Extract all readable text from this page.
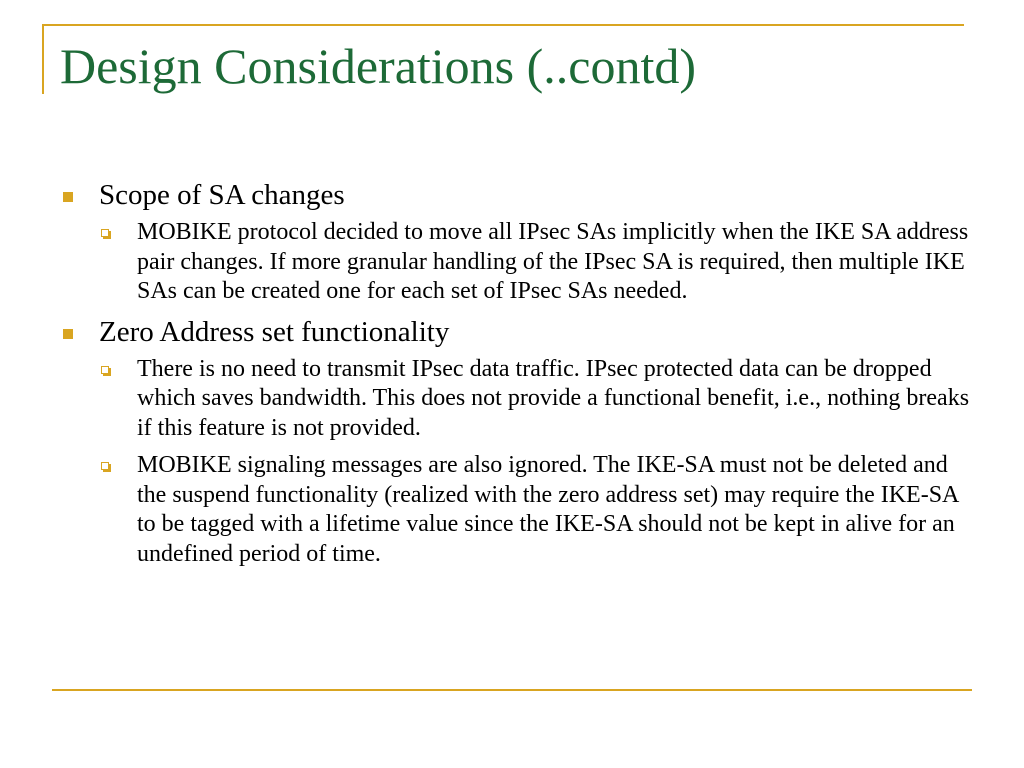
Design Considerations (..contd)
Scope of SA changes
MOBIKE protocol decided to move all IPsec SAs implicitly when the IKE SA address pair changes. If more granular handling of the IPsec SA is required, then multiple IKE SAs can be created one for each set of IPsec SAs needed.
Zero Address set functionality
There is no need to transmit IPsec data traffic. IPsec protected data can be dropped which saves bandwidth. This does not provide a functional benefit, i.e., nothing breaks if this feature is not provided.
MOBIKE signaling messages are also ignored. The IKE-SA must not be deleted and the suspend functionality (realized with the zero address set) may require the IKE-SA to be tagged with a lifetime value since the IKE-SA should not be kept in alive for an undefined period of time.
